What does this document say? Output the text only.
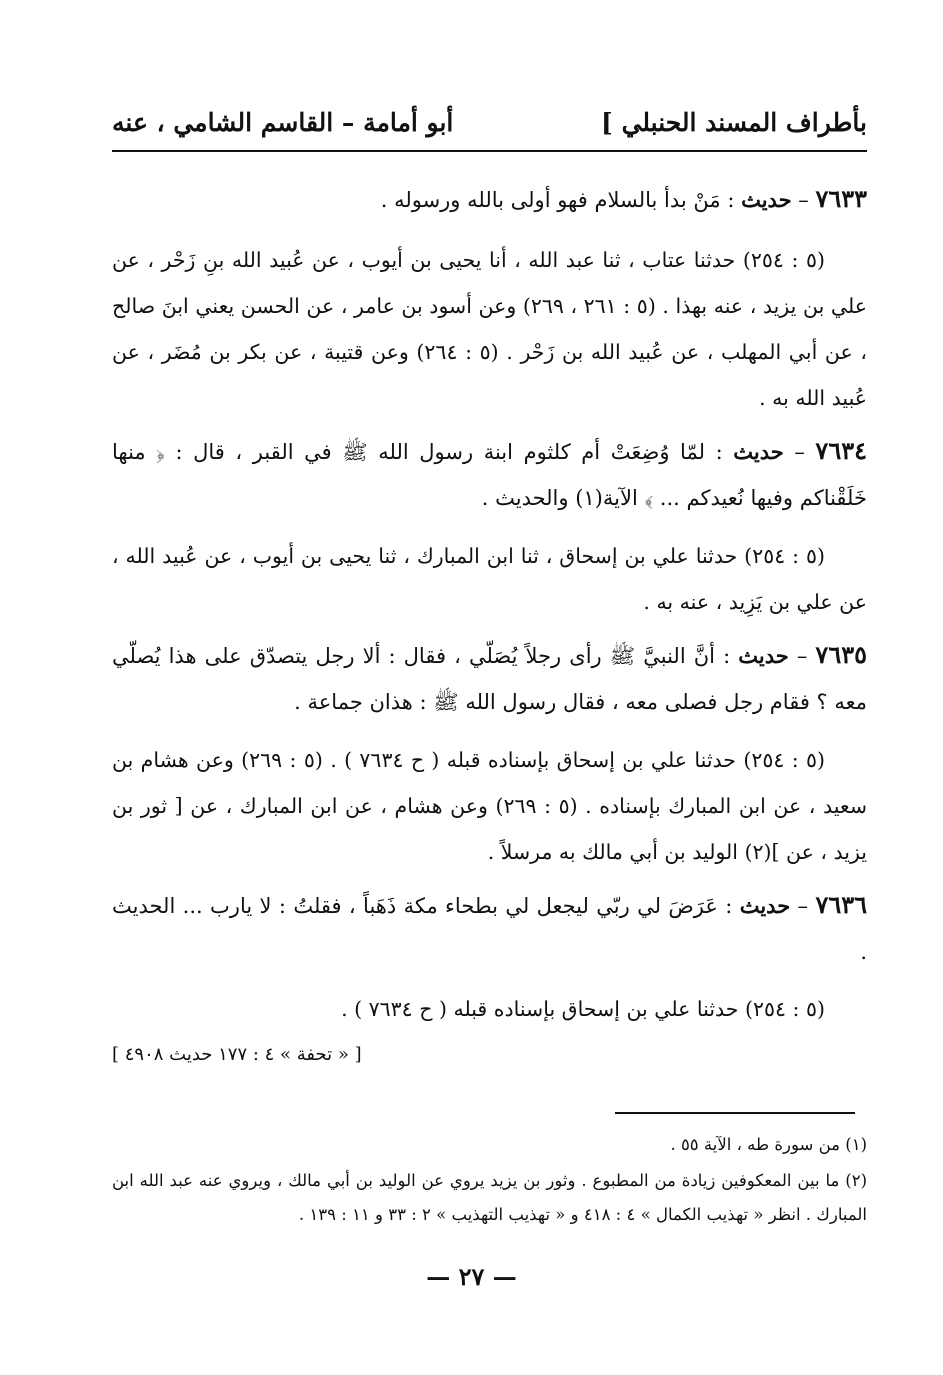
بأطراف المسند الحنبلي ]
أبو أمامة – القاسم الشامي ، عنه
٧٦٣٣ – حديث : مَنْ بدأ بالسلام فهو أولى بالله ورسوله .
(٥ : ٢٥٤) حدثنا عتاب ، ثنا عبد الله ، أنا يحيى بن أيوب ، عن عُبيد الله بنِ زَحْر ، عن علي بن يزيد ، عنه بهذا . (٥ : ٢٦١ ، ٢٦٩) وعن أسود بن عامر ، عن الحسن يعني ابنَ صالح ، عن أبي المهلب ، عن عُبيد الله بن زَحْر . (٥ : ٢٦٤) وعن قتيبة ، عن بكر بن مُضَر ، عن عُبيد الله به .
٧٦٣٤ – حديث : لمّا وُضِعَتْ أم كلثوم ابنة رسول الله ﷺ في القبر ، قال : ﴿ منها خَلَقْناكم وفيها نُعيدكم ... ﴾ الآية(١) والحديث .
(٥ : ٢٥٤) حدثنا علي بن إسحاق ، ثنا ابن المبارك ، ثنا يحيى بن أيوب ، عن عُبيد الله ، عن علي بن يَزِيد ، عنه به .
٧٦٣٥ – حديث : أنَّ النبيَّ ﷺ رأى رجلاً يُصَلّي ، فقال : ألا رجل يتصدّق على هذا يُصلّي معه ؟ فقام رجل فصلى معه ، فقال رسول الله ﷺ : هذان جماعة .
(٥ : ٢٥٤) حدثنا علي بن إسحاق بإسناده قبله ( ح ٧٦٣٤ ) . (٥ : ٢٦٩) وعن هشام بن سعيد ، عن ابن المبارك بإسناده . (٥ : ٢٦٩) وعن هشام ، عن ابن المبارك ، عن [ ثور بن يزيد ، عن ](٢) الوليد بن أبي مالك به مرسلاً .
٧٦٣٦ – حديث : عَرَضَ لي ربّي ليجعل لي بطحاء مكة ذَهَباً ، فقلتُ : لا يارب ... الحديث .
(٥ : ٢٥٤) حدثنا علي بن إسحاق بإسناده قبله ( ح ٧٦٣٤ ) .
[ « تحفة » ٤ : ١٧٧ حديث ٤٩٠٨ ]
(١) من سورة طه ، الآية ٥٥ .
(٢) ما بين المعكوفين زيادة من المطبوع . وثور بن يزيد يروي عن الوليد بن أبي مالك ، ويروي عنه عبد الله ابن المبارك . انظر « تهذيب الكمال » ٤ : ٤١٨ و « تهذيب التهذيب » ٢ : ٣٣ و ١١ : ١٣٩ .
— ٢٧ —
